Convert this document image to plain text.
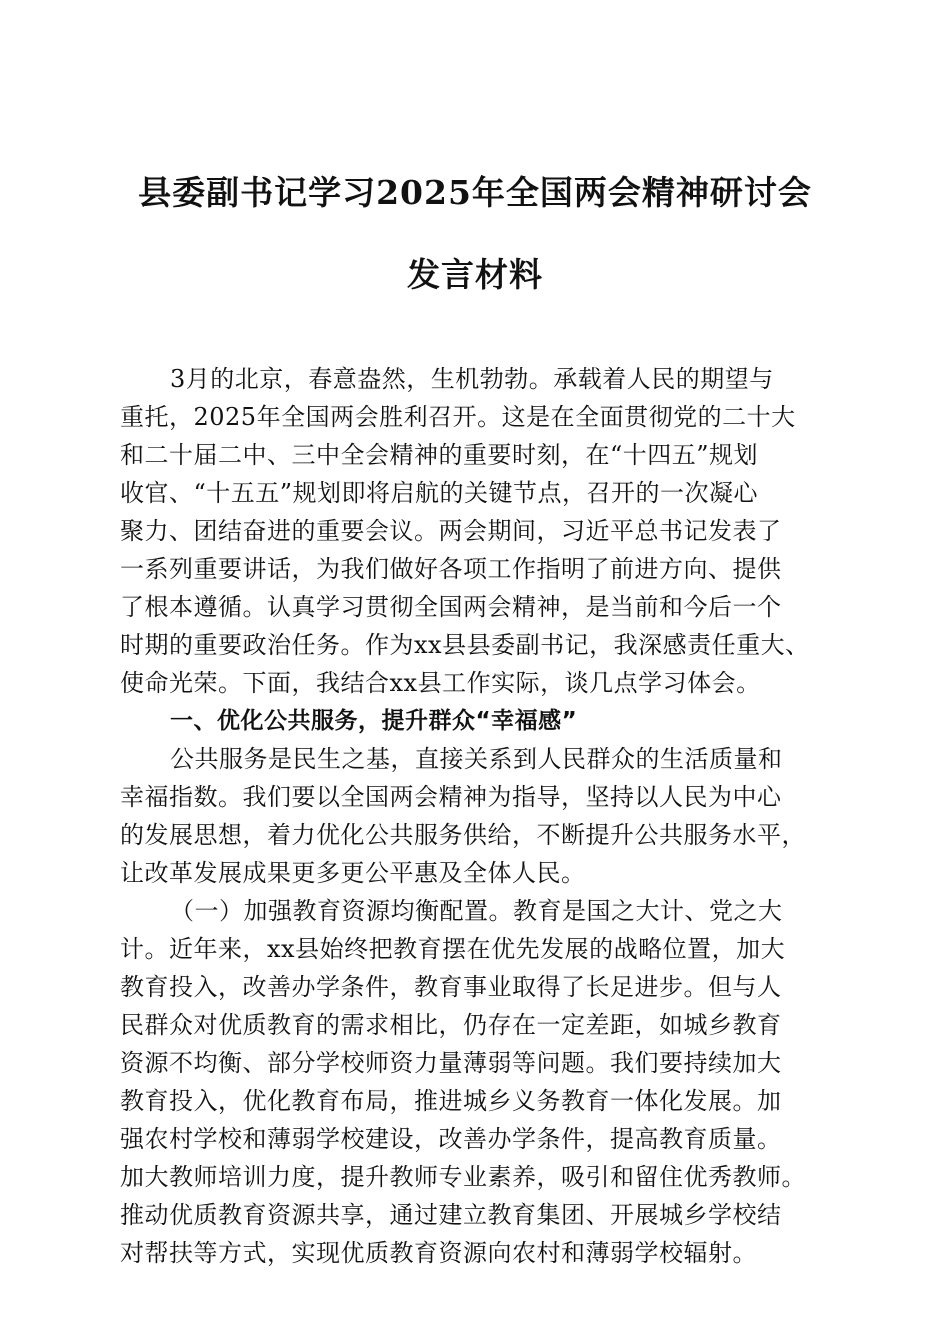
县委副书记学习2025年全国两会精神研讨会
发言材料
3月的北京，春意盎然，生机勃勃。承载着人民的期望与
重托，2025年全国两会胜利召开。这是在全面贯彻党的二十大
和二十届二中、三中全会精神的重要时刻，在“十四五”规划
收官、“十五五”规划即将启航的关键节点，召开的一次凝心
聚力、团结奋进的重要会议。两会期间，习近平总书记发表了
一系列重要讲话，为我们做好各项工作指明了前进方向、提供
了根本遵循。认真学习贯彻全国两会精神，是当前和今后一个
时期的重要政治任务。作为xx县县委副书记，我深感责任重大、
使命光荣。下面，我结合xx县工作实际，谈几点学习体会。
一、优化公共服务，提升群众“幸福感”
公共服务是民生之基，直接关系到人民群众的生活质量和
幸福指数。我们要以全国两会精神为指导，坚持以人民为中心
的发展思想，着力优化公共服务供给，不断提升公共服务水平，
让改革发展成果更多更公平惠及全体人民。
（一）加强教育资源均衡配置。教育是国之大计、党之大
计。近年来，xx县始终把教育摆在优先发展的战略位置，加大
教育投入，改善办学条件，教育事业取得了长足进步。但与人
民群众对优质教育的需求相比，仍存在一定差距，如城乡教育
资源不均衡、部分学校师资力量薄弱等问题。我们要持续加大
教育投入，优化教育布局，推进城乡义务教育一体化发展。加
强农村学校和薄弱学校建设，改善办学条件，提高教育质量。
加大教师培训力度，提升教师专业素养，吸引和留住优秀教师。
推动优质教育资源共享，通过建立教育集团、开展城乡学校结
对帮扶等方式，实现优质教育资源向农村和薄弱学校辐射。
